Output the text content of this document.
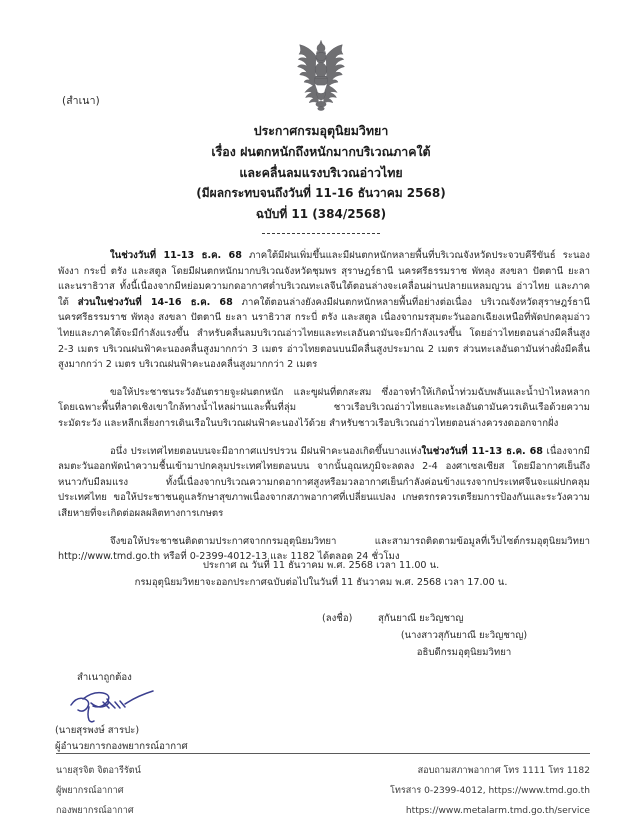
(สำเนา)
ประกาศกรมอุตุนิยมวิทยา
เรื่อง ฝนตกหนักถึงหนักมากบริเวณภาคใต้
และคลื่นลมแรงบริเวณอ่าวไทย
(มีผลกระทบจนถึงวันที่ 11-16 ธันวาคม 2568)
ฉบับที่ 11 (384/2568)

ในช่วงวันที่ 11-13 ธ.ค. 68 ภาคใต้มีฝนเพิ่มขึ้นและมีฝนตกหนักหลายพื้นที่บริเวณจังหวัดประจวบคีรีขันธ์ ระนอง พังงา กระบี่ ตรัง และสตูล โดยมีฝนตกหนักมากบริเวณจังหวัดชุมพร สุราษฎร์ธานี นครศรีธรรมราช พัทลุง สงขลา ปัตตานี ยะลา และนราธิวาส ทั้งนี้เนื่องจากมีหย่อมความกดอากาศต่ำบริเวณทะเลจีนใต้ตอนล่างจะเคลื่อนผ่านปลายแหลมญวน อ่าวไทย และภาคใต้ ส่วนในช่วงวันที่ 14-16 ธ.ค. 68 ภาคใต้ตอนล่างยังคงมีฝนตกหนักหลายพื้นที่อย่างต่อเนื่อง บริเวณจังหวัดสุราษฎร์ธานี นครศรีธรรมราช พัทลุง สงขลา ปัตตานี ยะลา นราธิวาส กระบี่ ตรัง และสตูล เนื่องจากมรสุมตะวันออกเฉียงเหนือที่พัดปกคลุมอ่าวไทยและภาคใต้จะมีกำลังแรงขึ้น สำหรับคลื่นลมบริเวณอ่าวไทยและทะเลอันดามันจะมีกำลังแรงขึ้น โดยอ่าวไทยตอนล่างมีคลื่นสูง 2-3 เมตร บริเวณฝนฟ้าคะนองคลื่นสูงมากกว่า 3 เมตร อ่าวไทยตอนบนมีคลื่นสูงประมาณ 2 เมตร ส่วนทะเลอันดามันห่างฝั่งมีคลื่นสูงมากกว่า 2 เมตร บริเวณฝนฟ้าคะนองคลื่นสูงมากกว่า 2 เมตร

ขอให้ประชาชนระวังอันตรายจูะฝนตกหนัก และฃูฝนที่ตกสะสม ซึ่งอาจทำให้เกิดน้ำท่วมฉับพลันและน้ำป่าไหลหลาก โดยเฉพาะพื้นที่ลาดเชิงเขาใกล้ทางน้ำไหลผ่านและพื้นที่ลุ่ม ชาวเรือบริเวณอ่าวไทยและทะเลอันดามันควรเดินเรือด้วยความระมัดระวัง และหลีกเลี่ยงการเดินเรือในบริเวณฝนฟ้าคะนองไว้ด้วย สำหรับชาวเรือบริเวณอ่าวไทยตอนล่างควรงดออกจากฝั่ง

อนึ่ง ประเทศไทยตอนบนจะมีอากาศแปรปรวน มีฝนฟ้าคะนองเกิดขึ้นบางแห่งในช่วงวันที่ 11-13 ธ.ค. 68 เนื่องจากมีลมตะวันออกพัดนำความชื้นเข้ามาปกคลุมประเทศไทยตอนบน จากนั้นอุณหภูมิจะลดลง 2-4 องศาเซลเซียส โดยมีอากาศเย็นถึงหนาวกับมีลมแรง ทั้งนี้เนื่องจากบริเวณความกดอากาศสูงหรือมวลอากาศเย็นกำลังค่อนข้างแรงจากประเทศจีนจะแผ่ปกคลุมประเทศไทย ขอให้ประชาชนดูแลรักษาสุขภาพเนื่องจากสภาพอากาศที่เปลี่ยนแปลง เกษตรกรควรเตรียมการป้องกันและระวังความเสียหายที่จะเกิดต่อผลผลิตทางการเกษตร

จึงขอให้ประชาชนติดตามประกาศจากกรมอุตุนิยมวิทยา และสามารถติดตามข้อมูลที่เว็บไซต์กรมอุตุนิยมวิทยา http://www.tmd.go.th หรือที่ 0-2399-4012-13 และ 1182 ได้ตลอด 24 ชั่วโมง

ประกาศ ณ วันที่ 11 ธันวาคม พ.ศ. 2568 เวลา 11.00 น.
กรมอุตุนิยมวิทยาจะออกประกาศฉบับต่อไปในวันที่ 11 ธันวาคม พ.ศ. 2568 เวลา 17.00 น.
(ลงชื่อ)	สุกันยาณี ยะวิญชาญ
(นางสาวสุกันยาณี ยะวิญชาญ)
อธิบดีกรมอุตุนิยมวิทยา
สำเนาถูกต้อง
(นายสุรพงษ์ สารปะ)
ผู้อำนวยการกองพยากรณ์อากาศ
นายสุรจิต จิตอารีรัตน์
ผู้พยากรณ์อากาศ
กองพยากรณ์อากาศ
สอบถามสภาพอากาศ โทร 1111 โทร 1182
โทรสาร 0-2399-4012, https://www.tmd.go.th
https://www.metalarm.tmd.go.th/service
